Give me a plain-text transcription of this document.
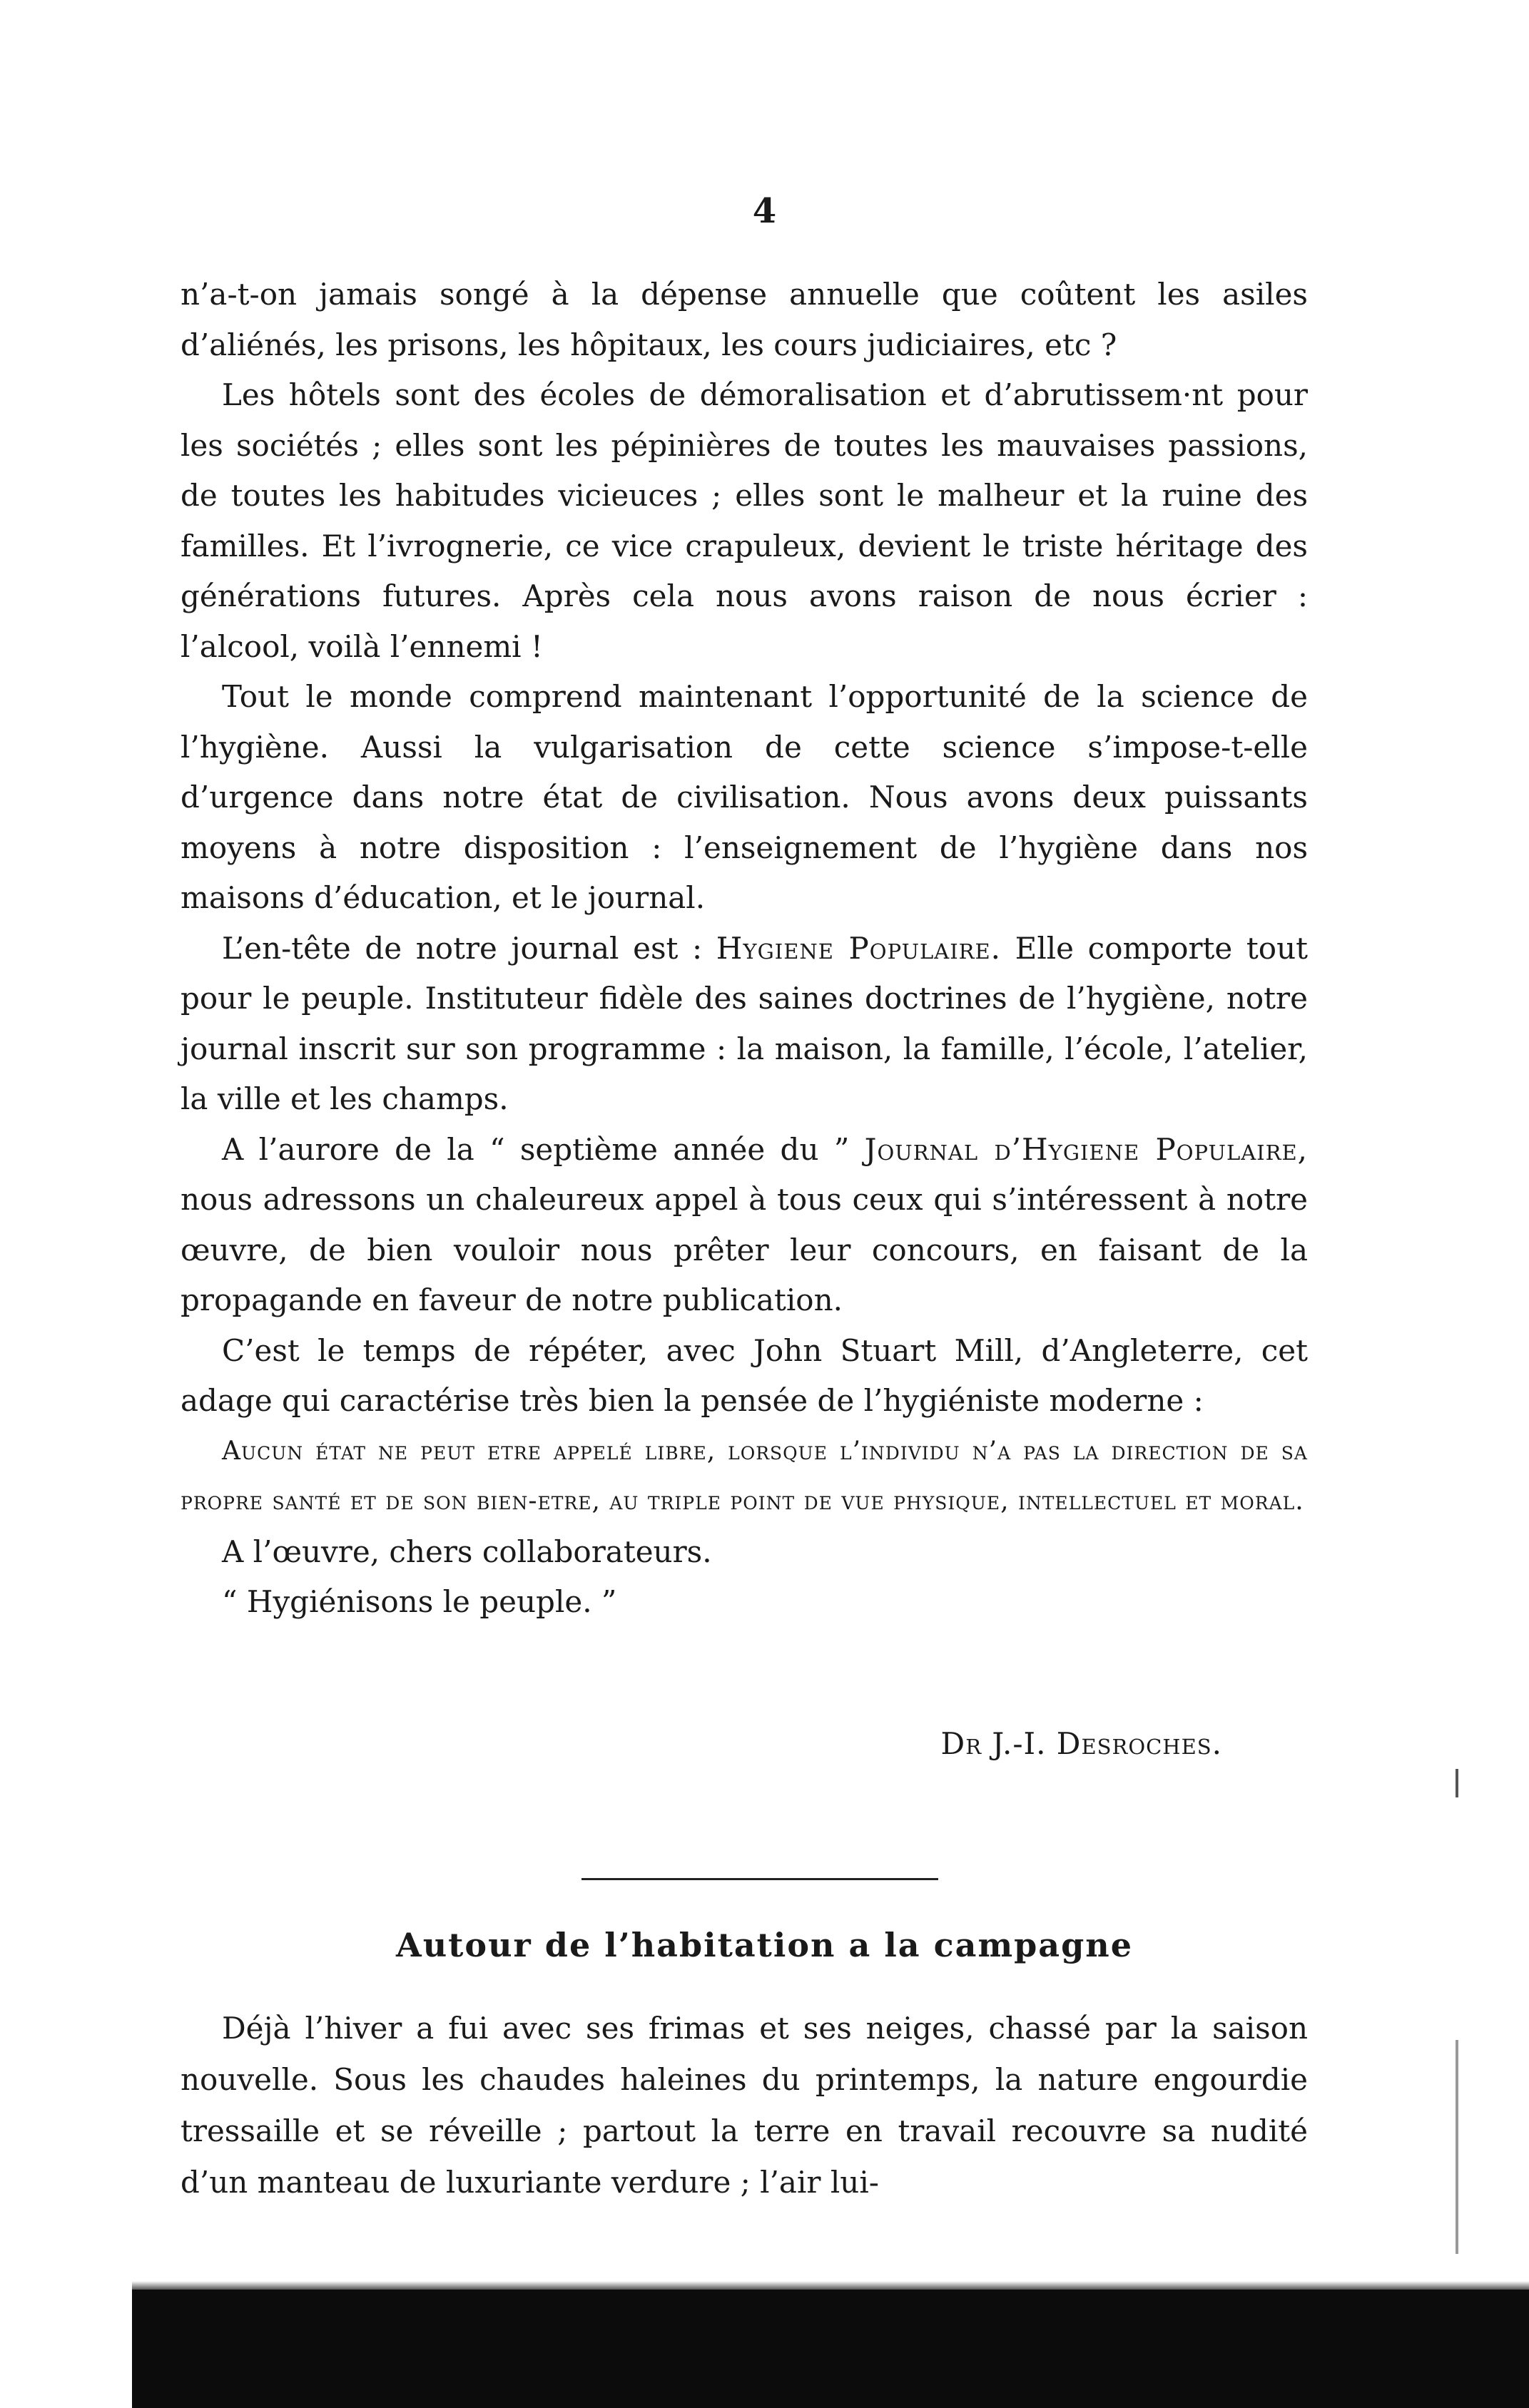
4

n’a-t-on jamais songé à la dépense annuelle que coûtent les asiles d’aliénés, les prisons, les hôpitaux, les cours judiciaires, etc ?

Les hôtels sont des écoles de démoralisation et d’abrutissem·nt pour les sociétés ; elles sont les pépinières de toutes les mauvaises passions, de toutes les habitudes vicieuces ; elles sont le malheur et la ruine des familles. Et l’ivrognerie, ce vice crapuleux, devient le triste héritage des générations futures. Après cela nous avons raison de nous écrier : l’alcool, voilà l’ennemi !

Tout le monde comprend maintenant l’opportunité de la science de l’hygiène. Aussi la vulgarisation de cette science s’impose-t-elle d’urgence dans notre état de civilisation. Nous avons deux puissants moyens à notre disposition : l’enseignement de l’hygiène dans nos maisons d’éducation, et le journal.

L’en-tête de notre journal est : Hygiene Populaire. Elle comporte tout pour le peuple. Instituteur fidèle des saines doctrines de l’hygiène, notre journal inscrit sur son programme : la maison, la famille, l’école, l’atelier, la ville et les champs.

A l’aurore de la “ septième année du ” Journal d’Hygiene Populaire, nous adressons un chaleureux appel à tous ceux qui s’intéressent à notre œuvre, de bien vouloir nous prêter leur concours, en faisant de la propagande en faveur de notre publication.

C’est le temps de répéter, avec John Stuart Mill, d’Angleterre, cet adage qui caractérise très bien la pensée de l’hygiéniste moderne :

Aucun état ne peut etre appelé libre, lorsque l’individu n’a pas la direction de sa propre santé et de son bien-etre, au triple point de vue physique, intellectuel et moral.

A l’œuvre, chers collaborateurs.

“ Hygiénisons le peuple. ”

Dr J.-I. Desroches.
Autour de l’habitation a la campagne

Déjà l’hiver a fui avec ses frimas et ses neiges, chassé par la saison nouvelle. Sous les chaudes haleines du printemps, la nature engourdie tressaille et se réveille ; partout la terre en travail recouvre sa nudité d’un manteau de luxuriante verdure ; l’air lui-
